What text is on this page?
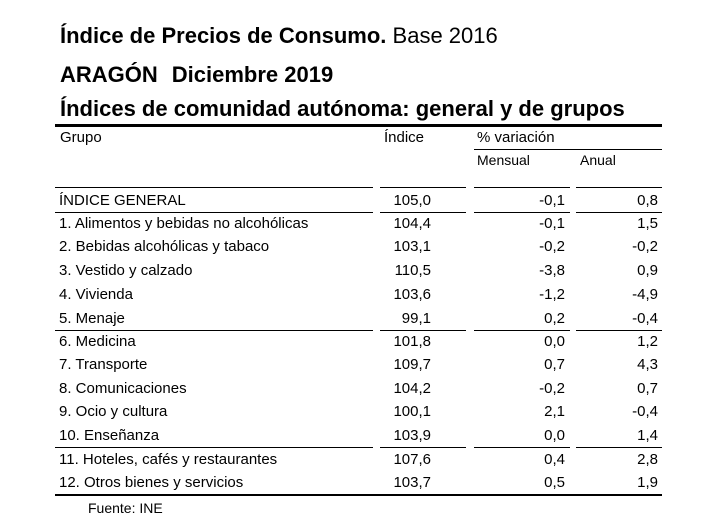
Índice de Precios de Consumo. Base 2016
ARAGÓN Diciembre 2019
Índices de comunidad autónoma: general y de grupos
Grupo	Índice	% variación
Mensual	Anual
ÍNDICE GENERAL	105,0	-0,1	0,8
1. Alimentos y bebidas no alcohólicas	104,4	-0,1	1,5
2. Bebidas alcohólicas y tabaco	103,1	-0,2	-0,2
3. Vestido y calzado	110,5	-3,8	0,9
4. Vivienda	103,6	-1,2	-4,9
5. Menaje	99,1	0,2	-0,4
6. Medicina	101,8	0,0	1,2
7. Transporte	109,7	0,7	4,3
8. Comunicaciones	104,2	-0,2	0,7
9. Ocio y cultura	100,1	2,1	-0,4
10. Enseñanza	103,9	0,0	1,4
11. Hoteles, cafés y restaurantes	107,6	0,4	2,8
12. Otros bienes y servicios	103,7	0,5	1,9
Fuente: INE
